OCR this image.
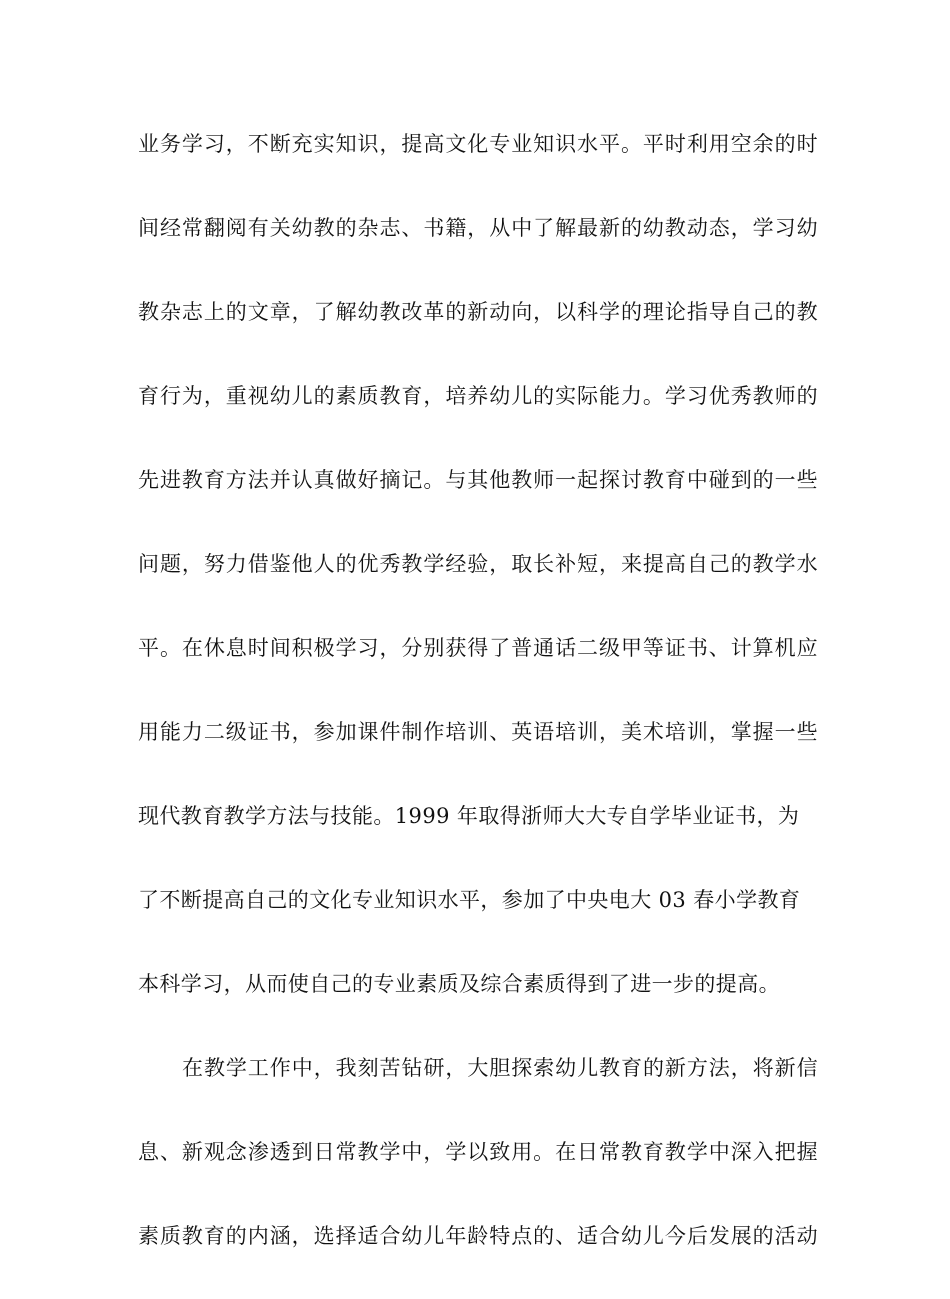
业务学习，不断充实知识，提高文化专业知识水平。平时利用空余的时
间经常翻阅有关幼教的杂志、书籍，从中了解最新的幼教动态，学习幼
教杂志上的文章，了解幼教改革的新动向，以科学的理论指导自己的教
育行为，重视幼儿的素质教育，培养幼儿的实际能力。学习优秀教师的
先进教育方法并认真做好摘记。与其他教师一起探讨教育中碰到的一些
问题，努力借鉴他人的优秀教学经验，取长补短，来提高自己的教学水
平。在休息时间积极学习，分别获得了普通话二级甲等证书、计算机应
用能力二级证书，参加课件制作培训、英语培训，美术培训，掌握一些
现代教育教学方法与技能。1999 年取得浙师大大专自学毕业证书，为
了不断提高自己的文化专业知识水平，参加了中央电大 03 春小学教育
本科学习，从而使自己的专业素质及综合素质得到了进一步的提高。
在教学工作中，我刻苦钻研，大胆探索幼儿教育的新方法，将新信
息、新观念渗透到日常教学中，学以致用。在日常教育教学中深入把握
素质教育的内涵，选择适合幼儿年龄特点的、适合幼儿今后发展的活动
